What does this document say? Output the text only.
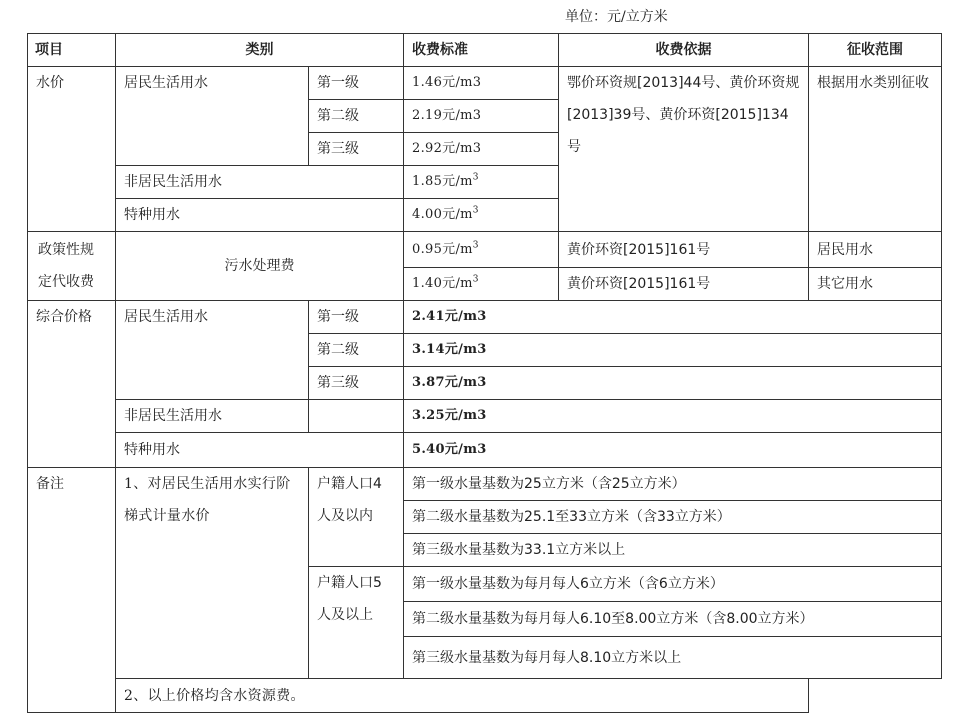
单位：元/立方米
项目	类别		收费标准	收费依据	征收范围
水价	居民生活用水	第一级	1.46元/m3	鄂价环资规[2013]44号、黄价环资规[2013]39号、黄价环资[2015]134号	根据用水类别征收
		第二级	2.19元/m3		
		第三级	2.92元/m3		
	非居民生活用水		1.85元$/m^3$
	特种用水		4.00元$/m^3$
政策性规定代收费	污水处理费		0.95元$/m^3$	黄价环资[2015]161号	居民用水
			1.40元$/m^3$	黄价环资[2015]161号	其它用水
综合价格	居民生活用水	第一级	2.41元/m3		
		第二级	3.14元/m3		
		第三级	3.87元/m3		
	非居民生活用水		3.25元/m3		
	特种用水		5.40元/m3		
备注	1、对居民生活用水实行阶梯式计量水价	户籍人口4人及以内	第一级水量基数为25立方米（含25立方米）		
			第二级水量基数为25.1至33立方米（含33立方米）		
			第三级水量基数为33.1立方米以上		
		户籍人口5人及以上	第一级水量基数为每月每人6立方米（含6立方米）		
			第二级水量基数为每月每人6.10至8.00立方米（含8.00立方米）		
			第三级水量基数为每月每人8.10立方米以上		
	2、以上价格均含水资源费。				
